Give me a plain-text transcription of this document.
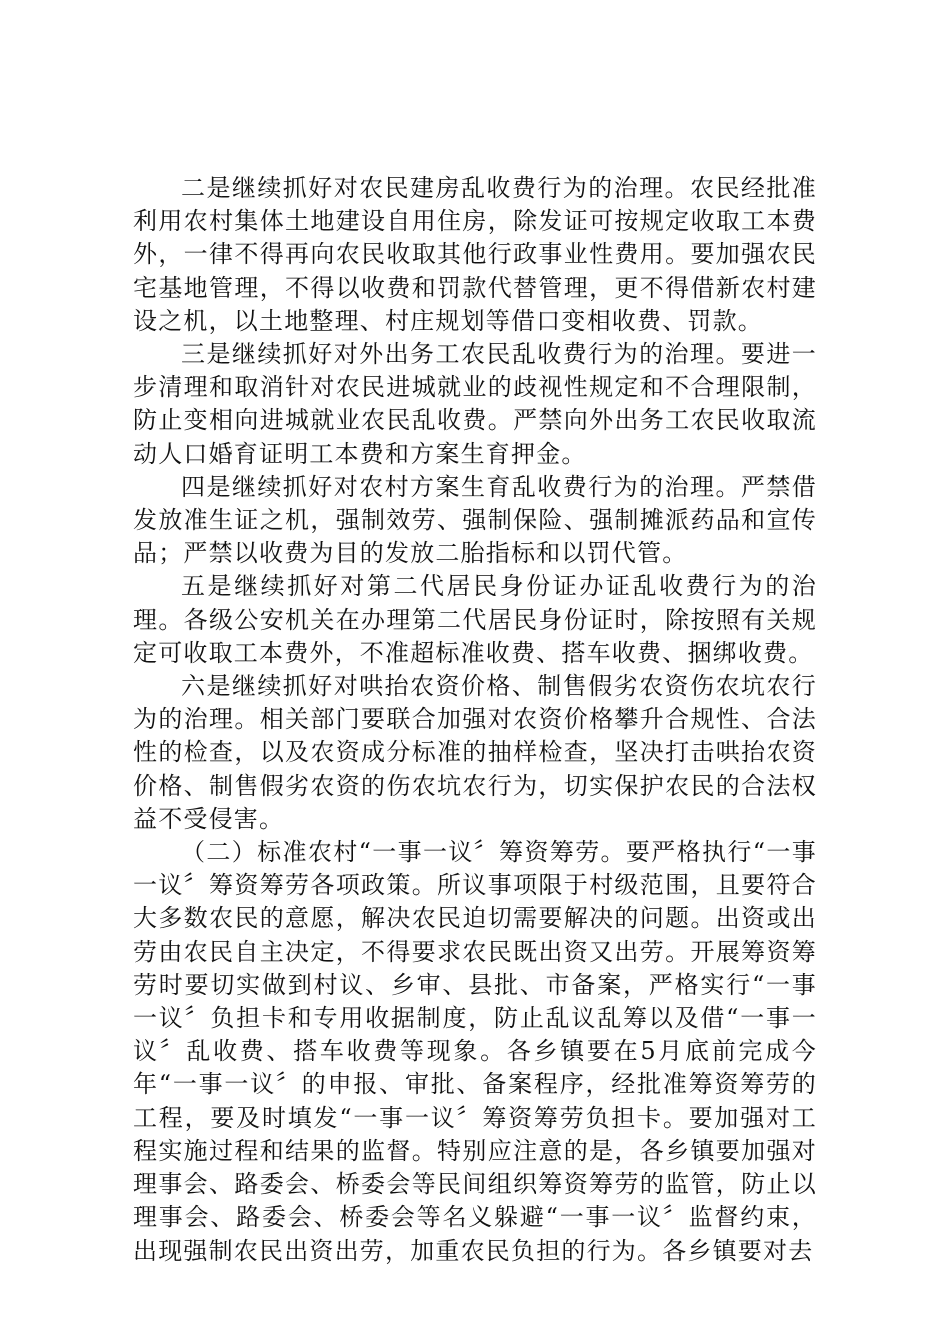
二是继续抓好对农民建房乱收费行为的治理。农民经批准利用农村集体土地建设自用住房，除发证可按规定收取工本费外，一律不得再向农民收取其他行政事业性费用。要加强农民宅基地管理，不得以收费和罚款代替管理，更不得借新农村建设之机，以土地整理、村庄规划等借口变相收费、罚款。

三是继续抓好对外出务工农民乱收费行为的治理。要进一步清理和取消针对农民进城就业的歧视性规定和不合理限制，防止变相向进城就业农民乱收费。严禁向外出务工农民收取流动人口婚育证明工本费和方案生育押金。

四是继续抓好对农村方案生育乱收费行为的治理。严禁借发放准生证之机，强制效劳、强制保险、强制摊派药品和宣传品；严禁以收费为目的发放二胎指标和以罚代管。

五是继续抓好对第二代居民身份证办证乱收费行为的治理。各级公安机关在办理第二代居民身份证时，除按照有关规定可收取工本费外，不准超标准收费、搭车收费、捆绑收费。

六是继续抓好对哄抬农资价格、制售假劣农资伤农坑农行为的治理。相关部门要联合加强对农资价格攀升合规性、合法性的检查，以及农资成分标准的抽样检查，坚决打击哄抬农资价格、制售假劣农资的伤农坑农行为，切实保护农民的合法权益不受侵害。

（二）标准农村“一事一议〞筹资筹劳。要严格执行“一事一议〞筹资筹劳各项政策。所议事项限于村级范围，且要符合大多数农民的意愿，解决农民迫切需要解决的问题。出资或出劳由农民自主决定，不得要求农民既出资又出劳。开展筹资筹劳时要切实做到村议、乡审、县批、市备案，严格实行“一事一议〞负担卡和专用收据制度，防止乱议乱筹以及借“一事一议〞乱收费、搭车收费等现象。各乡镇要在5月底前完成今年“一事一议〞的申报、审批、备案程序，经批准筹资筹劳的工程，要及时填发“一事一议〞筹资筹劳负担卡。要加强对工程实施过程和结果的监督。特别应注意的是，各乡镇要加强对理事会、路委会、桥委会等民间组织筹资筹劳的监管，防止以理事会、路委会、桥委会等名义躲避“一事一议〞监督约束，出现强制农民出资出劳，加重农民负担的行为。各乡镇要对去
